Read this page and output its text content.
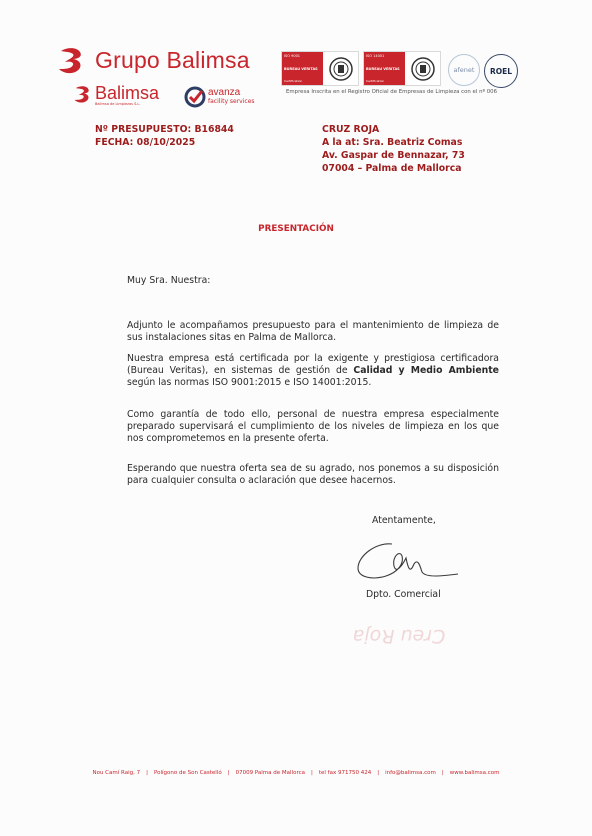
Grupo Balimsa
Balimsa
Balimsa de Limpiezas S.L.
avanza
facility services
ISO 9001
BUREAU VERITAS
Certification
ISO 14001
BUREAU VERITAS
Certification
afenet ROEL
Empresa Inscrita en el Registro Oficial de Empresas de Limpieza con el nº 006
Nº PRESUPUESTO: B16844
FECHA: 08/10/2025
CRUZ ROJA
A la at: Sra. Beatriz Comas
Av. Gaspar de Bennazar, 73
07004 – Palma de Mallorca
PRESENTACIÓN
Muy Sra. Nuestra:
Adjunto le acompañamos presupuesto para el mantenimiento de limpieza de sus instalaciones sitas en Palma de Mallorca.
Nuestra empresa está certificada por la exigente y prestigiosa certificadora (Bureau Veritas), en sistemas de gestión de Calidad y Medio Ambiente según las normas ISO 9001:2015 e ISO 14001:2015.
Como garantía de todo ello, personal de nuestra empresa especialmente preparado supervisará el cumplimiento de los niveles de limpieza en los que nos comprometemos en la presente oferta.
Esperando que nuestra oferta sea de su agrado, nos ponemos a su disposición para cualquier consulta o aclaración que desee hacernos.
Atentamente,
Dpto. Comercial
Creu Roja
Nou Camí Raig, 7 | Polígono de Son Castelló | 07009 Palma de Mallorca | tel fax 971750 424 | info@balimsa.com | www.balimsa.com
